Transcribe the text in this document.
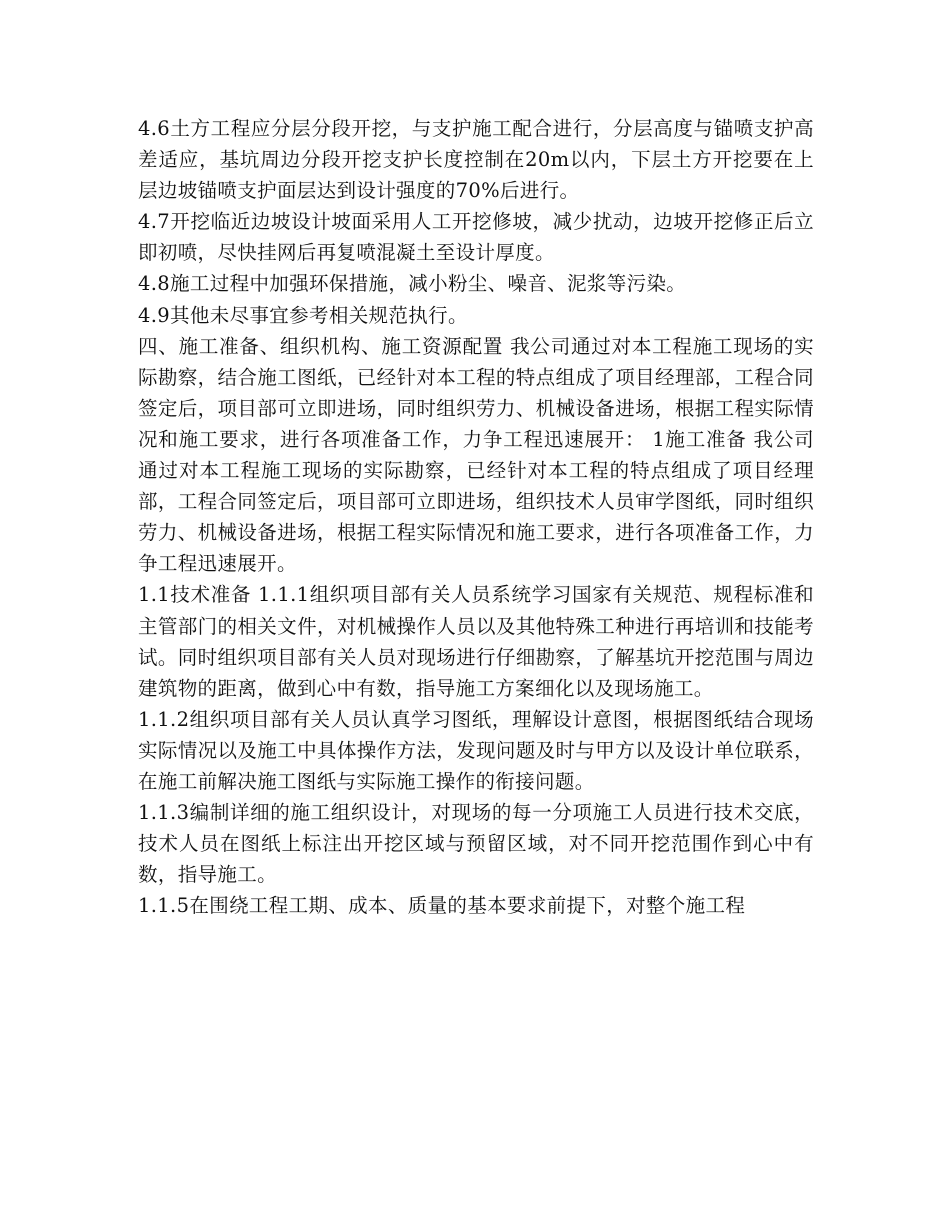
4.6土方工程应分层分段开挖，与支护施工配合进行，分层高度与锚喷支护高差适应，基坑周边分段开挖支护长度控制在20m以内，下层土方开挖要在上层边坡锚喷支护面层达到设计强度的70%后进行。

4.7开挖临近边坡设计坡面采用人工开挖修坡，减少扰动，边坡开挖修正后立即初喷，尽快挂网后再复喷混凝土至设计厚度。

4.8施工过程中加强环保措施，减小粉尘、噪音、泥浆等污染。

4.9其他未尽事宜参考相关规范执行。

四、施工准备、组织机构、施工资源配置 我公司通过对本工程施工现场的实际勘察，结合施工图纸，已经针对本工程的特点组成了项目经理部，工程合同签定后，项目部可立即进场，同时组织劳力、机械设备进场，根据工程实际情况和施工要求，进行各项准备工作，力争工程迅速展开： 1施工准备 我公司通过对本工程施工现场的实际勘察，已经针对本工程的特点组成了项目经理部，工程合同签定后，项目部可立即进场，组织技术人员审学图纸，同时组织劳力、机械设备进场，根据工程实际情况和施工要求，进行各项准备工作，力争工程迅速展开。

1.1技术准备 1.1.1组织项目部有关人员系统学习国家有关规范、规程标准和主管部门的相关文件，对机械操作人员以及其他特殊工种进行再培训和技能考试。同时组织项目部有关人员对现场进行仔细勘察，了解基坑开挖范围与周边建筑物的距离，做到心中有数，指导施工方案细化以及现场施工。

1.1.2组织项目部有关人员认真学习图纸，理解设计意图，根据图纸结合现场实际情况以及施工中具体操作方法，发现问题及时与甲方以及设计单位联系，在施工前解决施工图纸与实际施工操作的衔接问题。

1.1.3编制详细的施工组织设计，对现场的每一分项施工人员进行技术交底，技术人员在图纸上标注出开挖区域与预留区域，对不同开挖范围作到心中有数，指导施工。

1.1.5在围绕工程工期、成本、质量的基本要求前提下，对整个施工程
